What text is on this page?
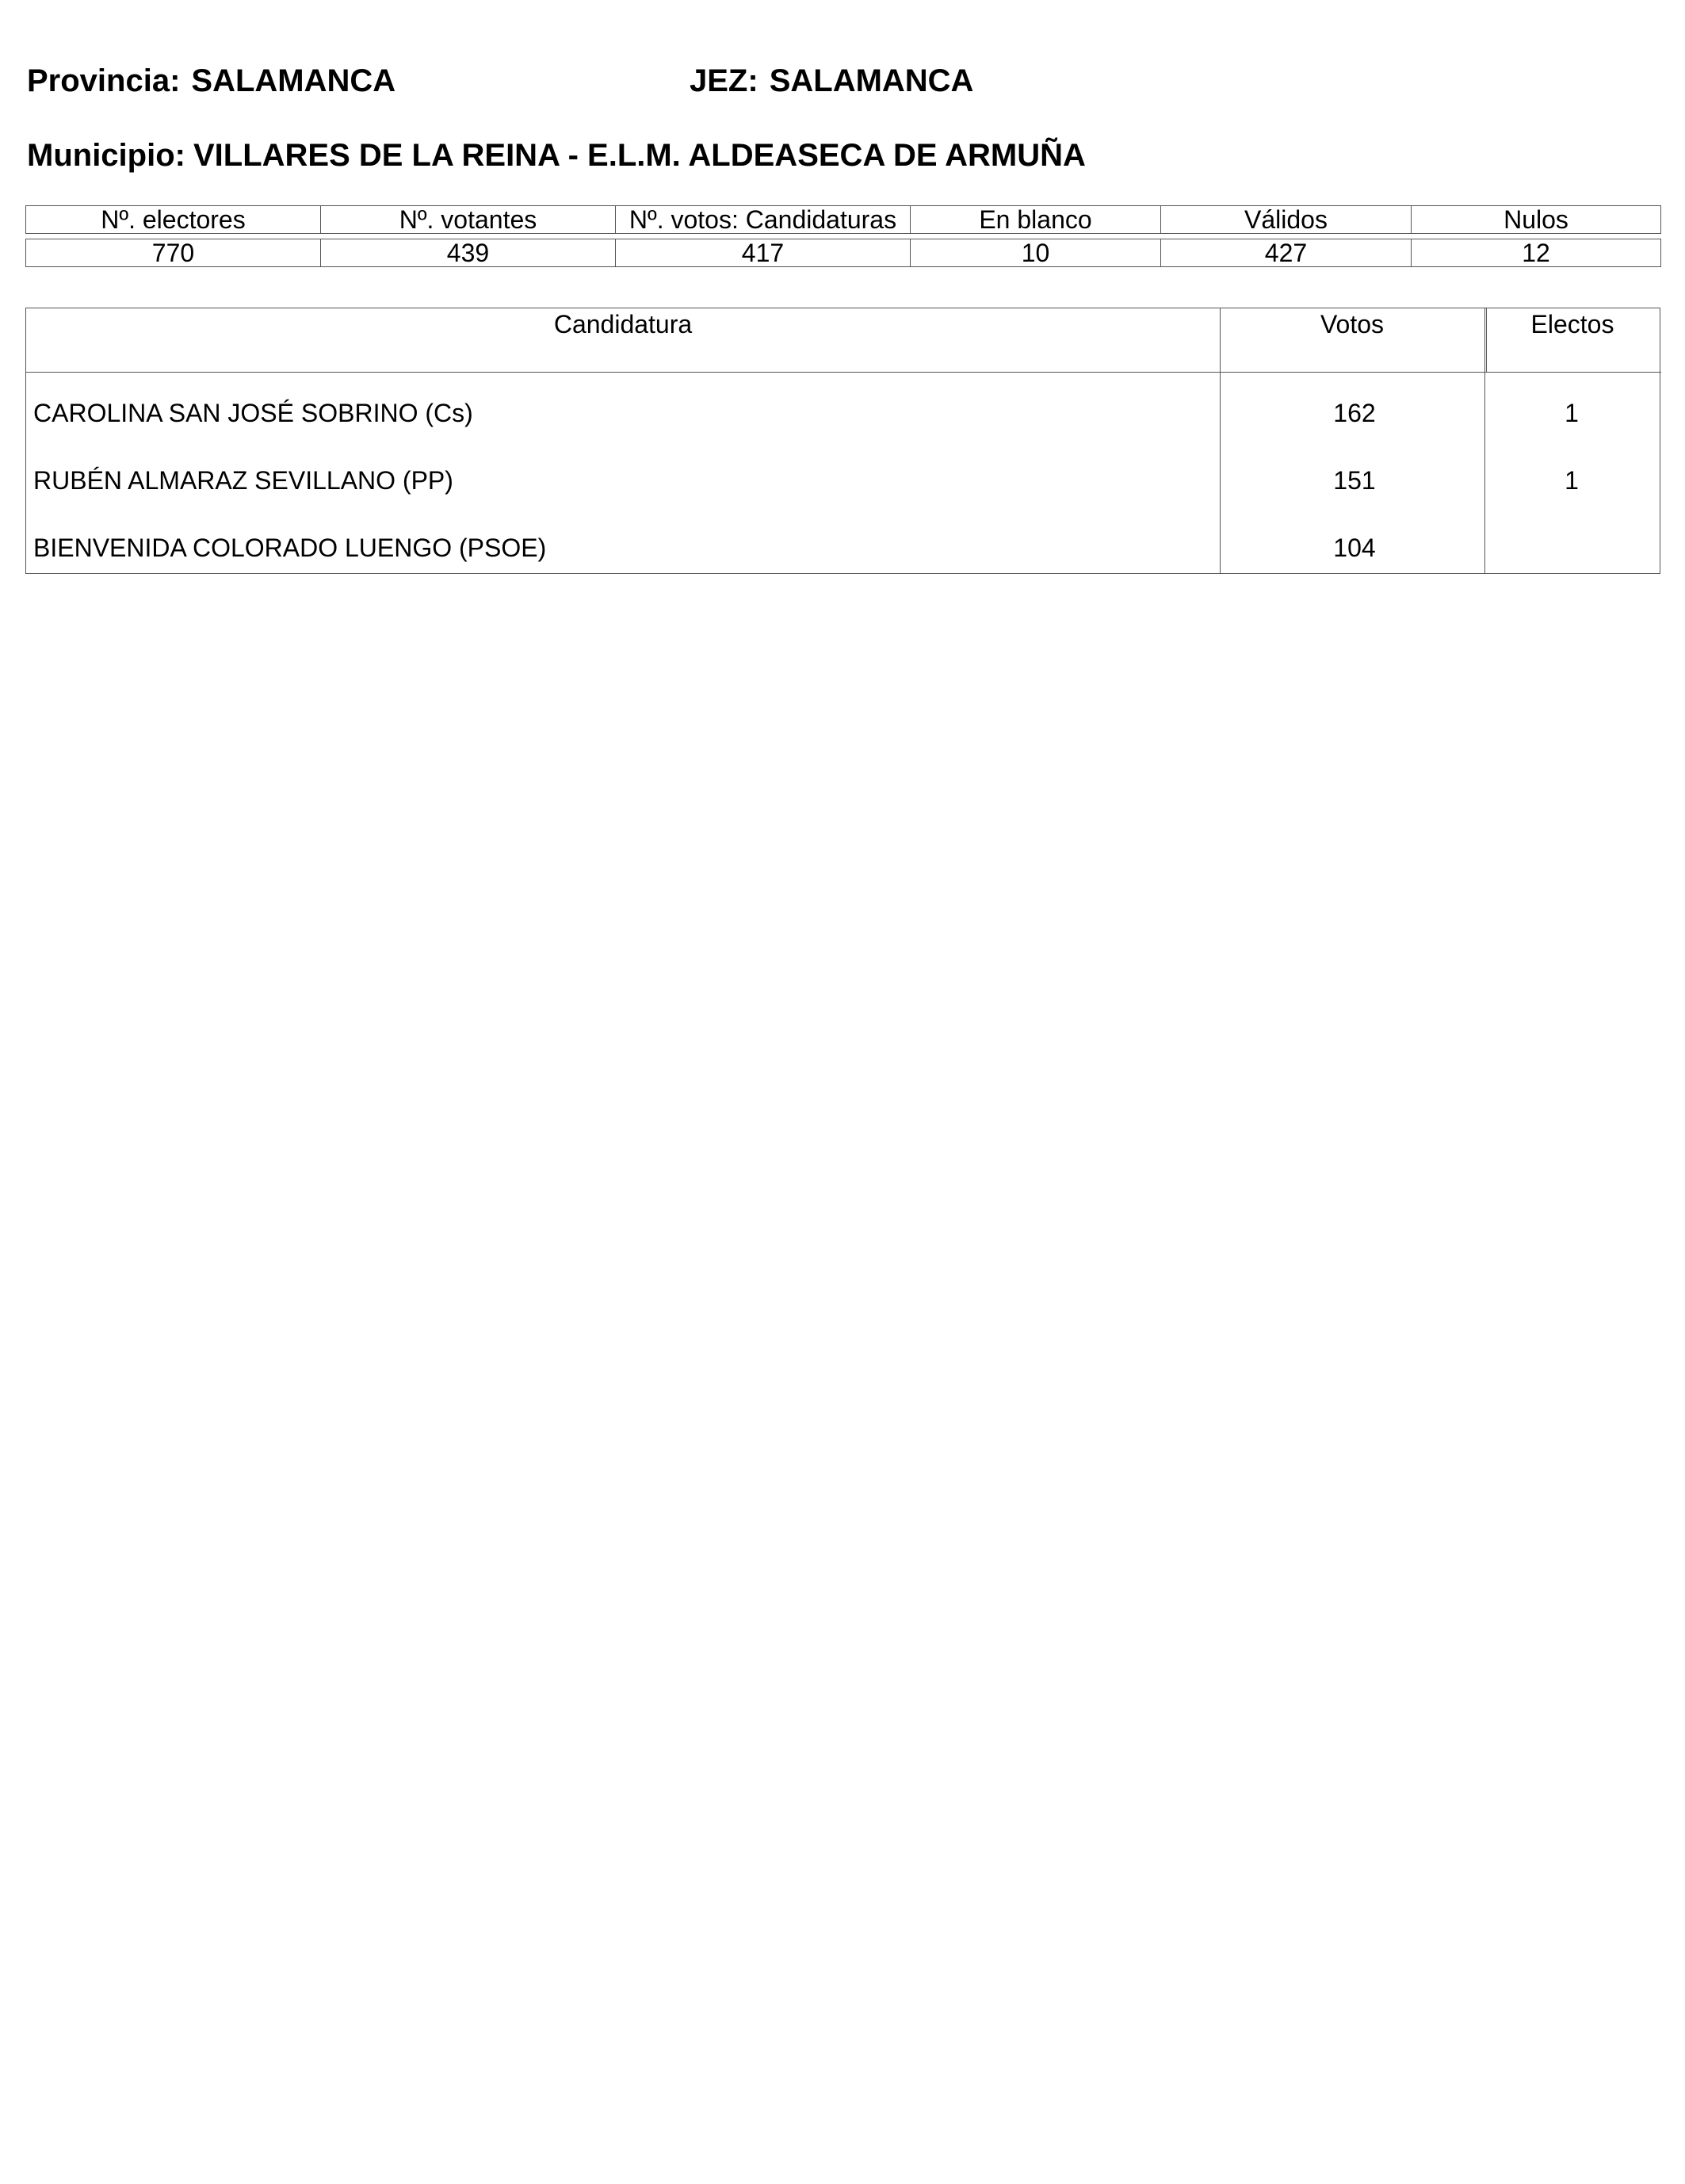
Provincia: SALAMANCA	JEZ: SALAMANCA
Municipio: VILLARES DE LA REINA - E.L.M. ALDEASECA DE ARMUÑA
Nº. electores	Nº. votantes	Nº. votos: Candidaturas	En blanco	Válidos	Nulos

770	439	417	10	427	12
Candidatura	Votos	Electos
CAROLINA SAN JOSÉ SOBRINO (Cs)	162	1
RUBÉN ALMARAZ SEVILLANO (PP)	151	1
BIENVENIDA COLORADO LUENGO (PSOE)	104
